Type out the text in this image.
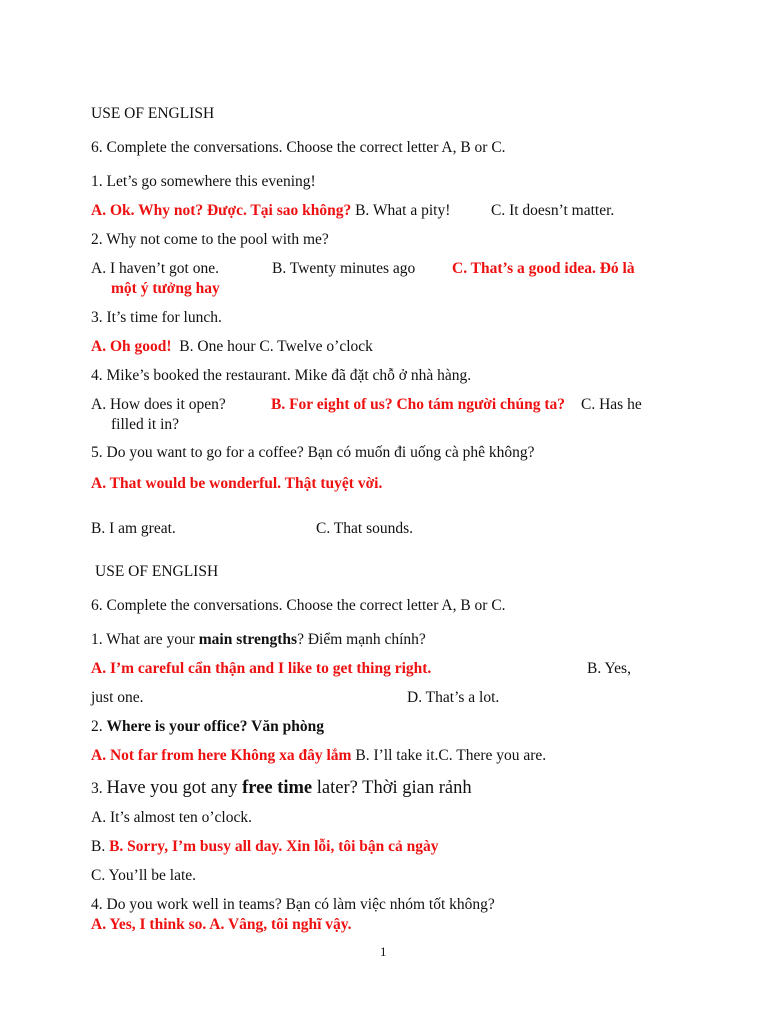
USE OF ENGLISH
6. Complete the conversations. Choose the correct letter A, B or C.
1. Let’s go somewhere this evening!
A. Ok. Why not? Được. Tại sao không? B. What a pity!	C. It doesn’t matter.
2. Why not come to the pool with me?
A. I haven’t got one.	B. Twenty minutes ago C. That’s a good idea. Đó là
một ý tưởng hay
3. It’s time for lunch.
A. Oh good! B. One hour C. Twelve o’clock
4. Mike’s booked the restaurant. Mike đã đặt chỗ ở nhà hàng.
A. How does it open?	B. For eight of us? Cho tám người chúng ta? C. Has he
filled it in?
5. Do you want to go for a coffee? Bạn có muốn đi uống cà phê không?
A. That would be wonderful. Thật tuyệt vời.
B. I am great.	C. That sounds.
USE OF ENGLISH
6. Complete the conversations. Choose the correct letter A, B or C.
1. What are your main strengths? Điểm mạnh chính?
A. I’m careful cẩn thận and I like to get thing right.	B. Yes,
just one.	D. That’s a lot.
2. Where is your office? Văn phòng
A. Not far from here Không xa đây lắm B. I’ll take it.C. There you are.
3. Have you got any free time later? Thời gian rảnh
A. It’s almost ten o’clock.
B. B. Sorry, I’m busy all day. Xin lỗi, tôi bận cả ngày
C. You’ll be late.
4. Do you work well in teams? Bạn có làm việc nhóm tốt không?
A. Yes, I think so. A. Vâng, tôi nghĩ vậy.
1
